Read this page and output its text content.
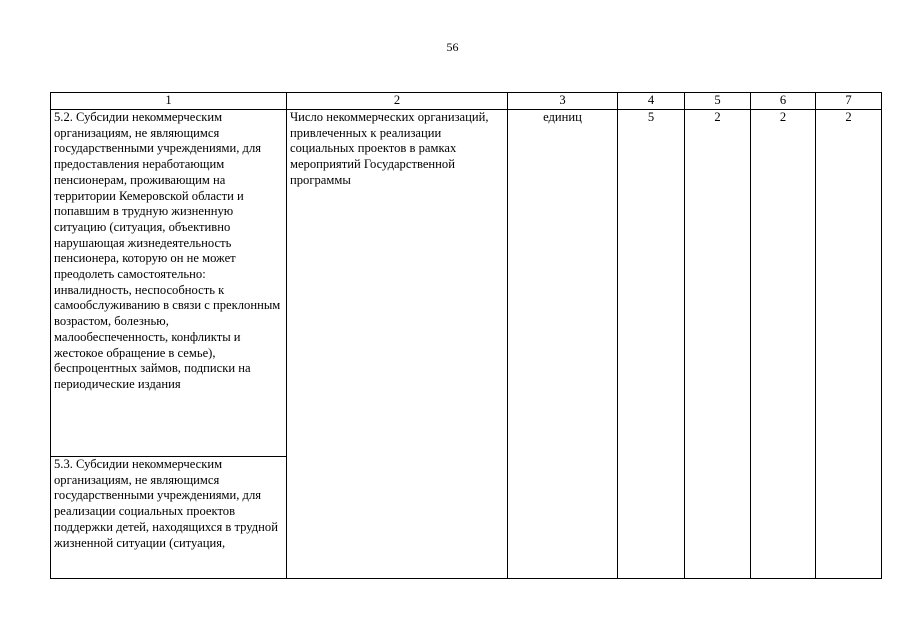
56
1	2	3	4	5	6	7
5.2. Субсидии некоммерческим организациям, не являющимся государственными учреждениями, для предоставления неработающим пенсионерам, проживающим на территории Кемеровской области и попавшим в трудную жизненную ситуацию (ситуация, объективно нарушающая жизнедеятельность пенсионера, которую он не может преодолеть самостоятельно: инвалидность, неспособность к самообслуживанию в связи с преклонным возрастом, болезнью, малообеспеченность, конфликты и жестокое обращение в семье), беспроцентных займов, подписки на периодические издания	Число некоммерческих организаций, привлеченных к реализации социальных проектов в рамках мероприятий Государственной программы	единиц	5	2	2	2
5.3. Субсидии некоммерческим организациям, не являющимся государственными учреждениями, для реализации социальных проектов поддержки детей, находящихся в трудной жизненной ситуации (ситуация,						
